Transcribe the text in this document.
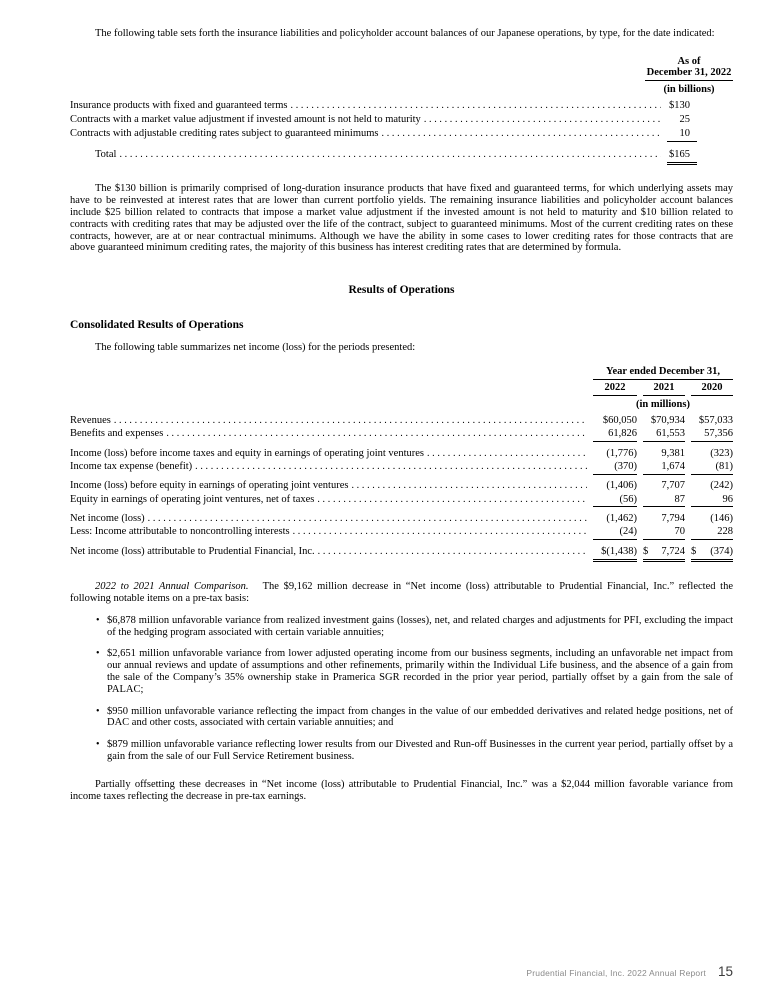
The following table sets forth the insurance liabilities and policyholder account balances of our Japanese operations, by type, for the date indicated:

As of
December 31, 2022
(in billions)
Insurance products with fixed and guaranteed terms .....	$130
Contracts with a market value adjustment if invested amount is not held to maturity .....	25
Contracts with adjustable crediting rates subject to guaranteed minimums .....	10
Total .....	$165

The $130 billion is primarily comprised of long-duration insurance products that have fixed and guaranteed terms, for which underlying assets may have to be reinvested at interest rates that are lower than current portfolio yields. The remaining insurance liabilities and policyholder account balances include $25 billion related to contracts that impose a market value adjustment if the invested amount is not held to maturity and $10 billion related to contracts with crediting rates that may be adjusted over the life of the contract, subject to guaranteed minimums. Most of the current crediting rates on these contracts, however, are at or near contractual minimums. Although we have the ability in some cases to lower crediting rates for those contracts that are above guaranteed minimum crediting rates, the majority of this business has interest crediting rates that are determined by formula.

Results of Operations
Consolidated Results of Operations

The following table summarizes net income (loss) for the periods presented:

Year ended December 31,
2022	2021	2020
(in millions)
Revenues .....	$60,050	$70,934	$57,033
Benefits and expenses .....	61,826	61,553	57,356
Income (loss) before income taxes and equity in earnings of operating joint ventures .....	(1,776)	9,381	(323)
Income tax expense (benefit) .....	(370)	1,674	(81)
Income (loss) before equity in earnings of operating joint ventures .....	(1,406)	7,707	(242)
Equity in earnings of operating joint ventures, net of taxes .....	(56)	87	96
Net income (loss) .....	(1,462)	7,794	(146)
Less: Income attributable to noncontrolling interests .....	(24)	70	228
Net income (loss) attributable to Prudential Financial, Inc. .....	$(1,438) $ 7,724 $ (374)

2022 to 2021 Annual Comparison. The $9,162 million decrease in “Net income (loss) attributable to Prudential Financial, Inc.” reflected the following notable items on a pre-tax basis:

• $6,878 million unfavorable variance from realized investment gains (losses), net, and related charges and adjustments for PFI, excluding the impact of the hedging program associated with certain variable annuities;
• $2,651 million unfavorable variance from lower adjusted operating income from our business segments, including an unfavorable net impact from our annual reviews and update of assumptions and other refinements, primarily within the Individual Life business, and the absence of a gain from the sale of the Company’s 35% ownership stake in Pramerica SGR recorded in the prior year period, partially offset by a gain from the sale of PALAC;
• $950 million unfavorable variance reflecting the impact from changes in the value of our embedded derivatives and related hedge positions, net of DAC and other costs, associated with certain variable annuities; and
• $879 million unfavorable variance reflecting lower results from our Divested and Run-off Businesses in the current year period, partially offset by a gain from the sale of our Full Service Retirement business.

Partially offsetting these decreases in “Net income (loss) attributable to Prudential Financial, Inc.” was a $2,044 million favorable variance from income taxes reflecting the decrease in pre-tax earnings.

Prudential Financial, Inc. 2022 Annual Report 15
